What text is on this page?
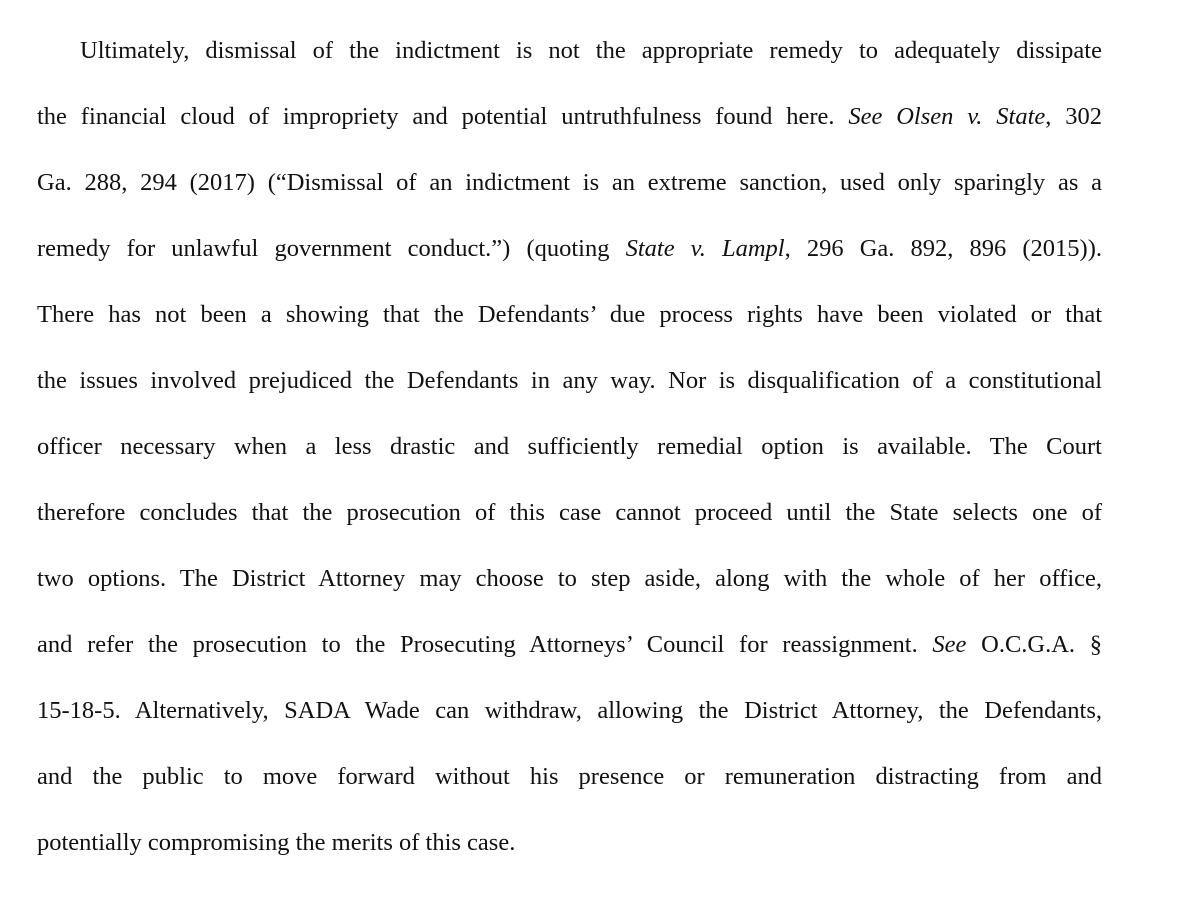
Ultimately, dismissal of the indictment is not the appropriate remedy to adequately dissipate
the financial cloud of impropriety and potential untruthfulness found here. See Olsen v. State, 302
Ga. 288, 294 (2017) (“Dismissal of an indictment is an extreme sanction, used only sparingly as a
remedy for unlawful government conduct.”) (quoting State v. Lampl, 296 Ga. 892, 896 (2015)).
There has not been a showing that the Defendants’ due process rights have been violated or that
the issues involved prejudiced the Defendants in any way. Nor is disqualification of a constitutional
officer necessary when a less drastic and sufficiently remedial option is available. The Court
therefore concludes that the prosecution of this case cannot proceed until the State selects one of
two options. The District Attorney may choose to step aside, along with the whole of her office,
and refer the prosecution to the Prosecuting Attorneys’ Council for reassignment. See O.C.G.A. §
15-18-5. Alternatively, SADA Wade can withdraw, allowing the District Attorney, the Defendants,
and the public to move forward without his presence or remuneration distracting from and
potentially compromising the merits of this case.
